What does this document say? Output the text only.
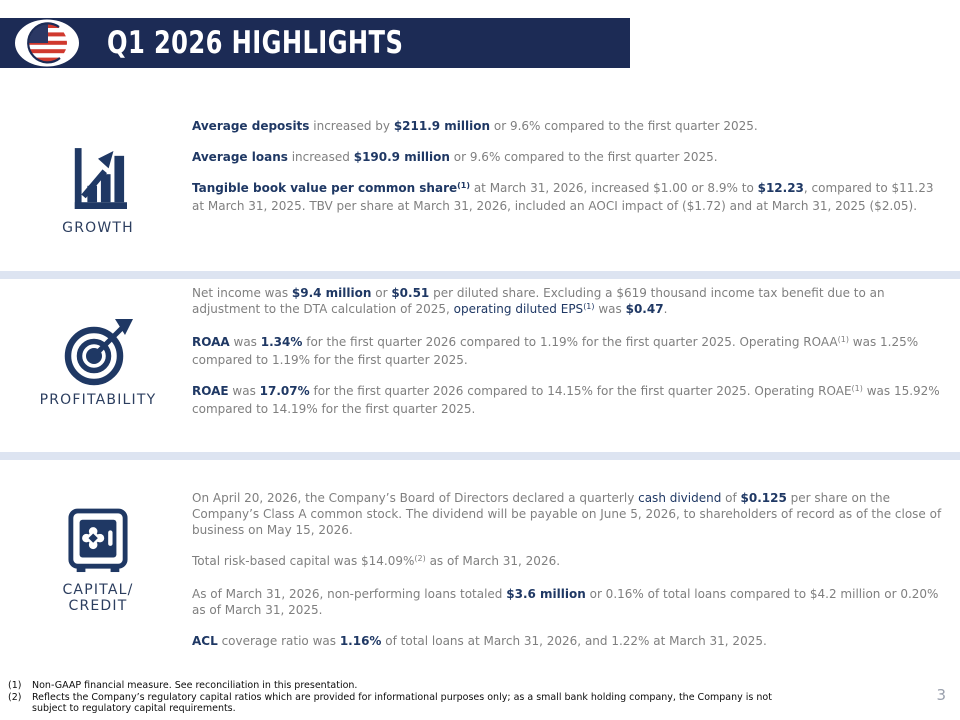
Q1 2026 HIGHLIGHTS
GROWTH

Average deposits increased by $211.9 million or 9.6% compared to the first quarter 2025.

Average loans increased $190.9 million or 9.6% compared to the first quarter 2025.

Tangible book value per common share$^{(1)}$ at March 31, 2026, increased $1.00 or 8.9% to $12.23, compared to $11.23 at March 31, 2025. TBV per share at March 31, 2026, included an AOCI impact of ($1.72) and at March 31, 2025 ($2.05).

PROFITABILITY

Net income was $9.4 million or $0.51 per diluted share. Excluding a $619 thousand income tax benefit due to an adjustment to the DTA calculation of 2025, operating diluted EPS$^{(1)}$ was $0.47.

ROAA was 1.34% for the first quarter 2026 compared to 1.19% for the first quarter 2025. Operating ROAA$^{(1)}$ was 1.25% compared to 1.19% for the first quarter 2025.

ROAE was 17.07% for the first quarter 2026 compared to 14.15% for the first quarter 2025. Operating ROAE$^{(1)}$ was 15.92% compared to 14.19% for the first quarter 2025.

CAPITAL/
CREDIT

On April 20, 2026, the Company’s Board of Directors declared a quarterly cash dividend of $0.125 per share on the Company’s Class A common stock. The dividend will be payable on June 5, 2026, to shareholders of record as of the close of business on May 15, 2026.

Total risk-based capital was $14.09%$^{(2)}$ as of March 31, 2026.

As of March 31, 2026, non-performing loans totaled $3.6 million or 0.16% of total loans compared to $4.2 million or 0.20% as of March 31, 2025.

ACL coverage ratio was 1.16% of total loans at March 31, 2026, and 1.22% at March 31, 2025.

(1)	Non-GAAP financial measure. See reconciliation in this presentation.
(2)	Reflects the Company’s regulatory capital ratios which are provided for informational purposes only; as a small bank holding company, the Company is not subject to regulatory capital requirements.
3
